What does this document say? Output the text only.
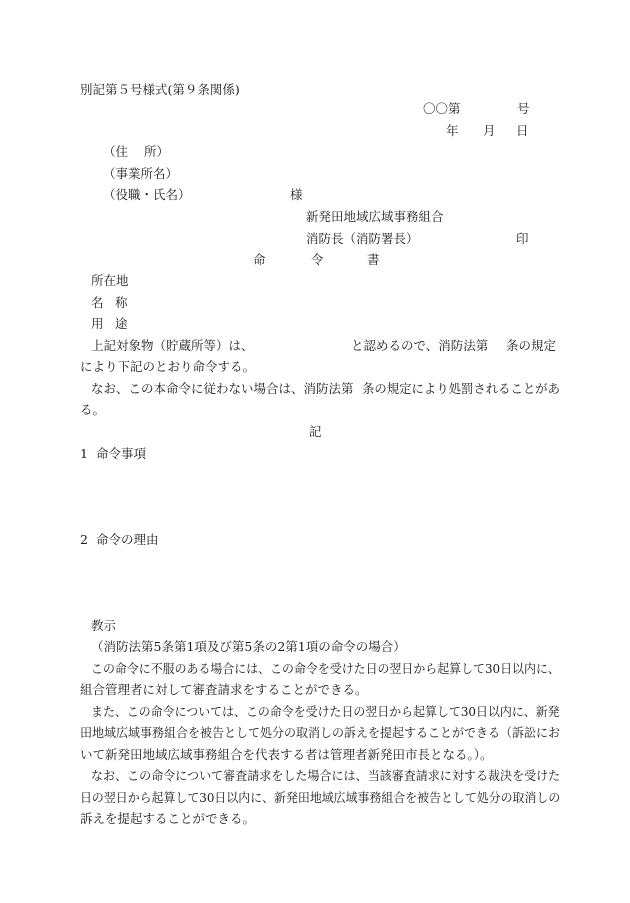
別記第５号様式(第９条関係)
〇〇第	号
年 月 日
（住 所）
（事業所名）
（役職・氏名）	様
新発田地域広域事務組合
消防長（消防署長）	印
命	令	書
所在地
名 称
用 途
上記対象物（貯蔵所等）は、	と認めるので、消防法第 条の規定
により下記のとおり命令する。
なお、この本命令に従わない場合は、消防法第 条の規定により処罰されることがあ
る。
記
1 命令事項
2 命令の理由
教示
（消防法第5条第1項及び第5条の2第1項の命令の場合）
この命令に不服のある場合には、この命令を受けた日の翌日から起算して30日以内に、
組合管理者に対して審査請求をすることができる。
また、この命令については、この命令を受けた日の翌日から起算して30日以内に、新発
田地域広域事務組合を被告として処分の取消しの訴えを提起することができる（訴訟にお
いて新発田地域広域事務組合を代表する者は管理者新発田市長となる。）。
なお、この命令について審査請求をした場合には、当該審査請求に対する裁決を受けた
日の翌日から起算して30日以内に、新発田地域広域事務組合を被告として処分の取消しの
訴えを提起することができる。
